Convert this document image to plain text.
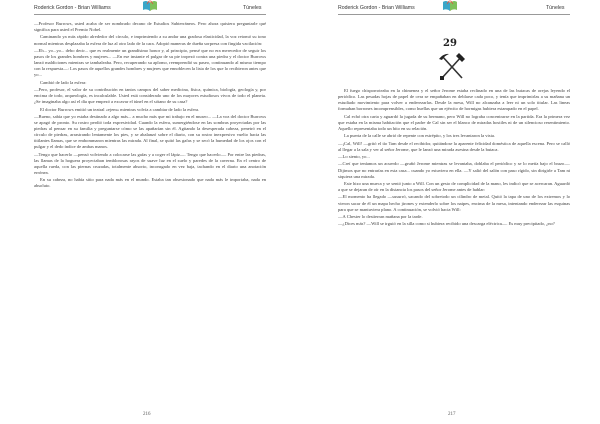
Roderick Gordon - Brian Williams	Túneles

—Profesor Burrows, usted acaba de ser nombrado decano de Estudios Subterráneos. Pero ahora quisiera preguntarle qué significa para usted el Premio Nobel.

Caminando ya más rápido alrededor del círculo, e imprimiendo a su andar una gradosa elasticidad, la voz retomó su tono normal mientras desplazaba la esfera de luz al otro lado de la cara. Adoptó maneras de dueña sorpresa con fingida vacilación:

—Eh... yo...yo... debo decir... que es realmente un grandísimo honor y, al principio, pensé que no era merecedor de seguir los pasos de los grandes hombres y mujeres... —En ese instante el pulgar de su pie tropezó contra una piedra y el doctor Burrows lanzó maldiciones mientras se tambaleaba. Pero, recuperando su aplomo, reemprendió su paseo, continuando al mismo tiempo con la respuesta—: Los pasos de aquellos grandes hombres y mujeres que ennoblecen la lista de los que lo recibieron antes que yo...

Cambió de lado la esfera:

—Pero, profesor, el valor de su contribución en tantos campos del saber medicina, física, química, biología, geología y, por encima de todo, arqueología, es incalculable. Usted está considerado uno de los mayores estudiosos vivos de todo el planeta. ¿Se imaginaba algo así el día que empezó a excavar el túnel en el sótano de su casa?

El doctor Burrows emitió un teatral «ejem» mientras volvía a cambiar de lado la esfera.

—Bueno, sabía que yo estaba destinado a algo más... a mucho más que mi trabajo en el museo... —La voz del doctor Burrows se apagó de pronto. Su rostro perdió toda expresividad. Cuando la esfera, sumergiéndose en las sombras proyectadas por las piedras al pensar en su familia y preguntarse cómo se las apañarían sin él. Agitando la desesperada cabeza, penetró en el círculo de piedras, arrastrando lentamente los pies, y se abalanzó sobre el diario, con su rostro inexpresivo vuelto hacia las titilantes llamas, que se embommaron mientras las mirada. Al final, se quitó las gafas y se secó la humedad de los ojos con el pulgar y el dedo índice de ambas manos.

—Tengo que hacerlo —pensó volviendo a colocarse las gafas y a coger el lápiz—. Tengo que hacerlo.— Por entre las piedras, las llamas de la hoguera proyectaban temblorosas rayos de suave luz en el suelo y paredes de la caverna. En el centro de aquella rueda, con las piernas cruzadas, totalmente absorto, inconsgado en vez baja, tachando en el diario una anotación errónea.

En su cabeza, no había sitio para nada más en el mundo. Estaba tan obsesionado que nada más le importaba, nada en absoluto.

216
Roderick Gordon - Brian Williams	Túneles
29

El fuego chisporroteaba en la chimenea y el señor Jerome estaba reclinado en una de las butacas de orejas leyendo el periódico. Las pesadas hojas de papel de cera se empañaban en deblarse cada poco, y tenía que imprimirlas a su mañana un estudiado movimiento para volver a enderezarlas. Desde la mesa, Will no alcanzaba a leer ni un solo titular. Las lineas formaban borrones incomprensibles, como huellas que un ejército de hormigas hubiera estampado en el papel.

Cal echó otra carta y aguardó la jugada de su hermano, pero Will no lograba concentrarse en la partida. Era la primera vez que estaba en la misma habitación que el padre de Cal sin ser el blanco de miradas hostiles ni de un silencioso resentimiento. Aquello representaba todo un hito en su relación.

La puerta de la calle se abrió de repente con estrépito, y los tres levantaron la vista.

—¡Cal, Will! —gritó el tío Tam desde el recibidor, quitándose la aparente felicidad doméstica de aquella escena. Pero se calló al llegar a la sala y ver al señor Jerome, que le lanzó una mirada asesina desde la butaca.

—Lo siento, yo...

—Creí que teníamos un acuerdo —gruñó Jerome mientras se levantaba, doblaba el periódico y se lo metía bajo el brazo—. Dijimos que no entrarías en esta casa... cuando yo estuviera en ella. —Y salió del salón con paso rígido, sin dirigirle a Tam ni siquiera una mirada.

Este hizo una mueca y se sentó junto a Will. Con un gesto de complicidad de la mano, les indicó que se acercaran. Aguardó a que se dejaran de oír en la distancia los pasos del señor Jerome antes de hablar:

—El momento ha llegado —susurró, sacando del sobretodo un cilindro de metal. Quitó la tapa de uno de los extremos y lo vieron sacar de él un mapa hecho jirones y extenderlo sobre los naipes, encima de la mesa, intentando enderezar las esquinas para que se mantuviera plano. A continuación, se volvió hacia Will:

—A Chester lo destierran mañana por la tarde.

—¿Dices más? —Will se irguió en la silla como si hubiera recibido una descarga eléctrica—. Es muy precipitado, ¿no?

217
